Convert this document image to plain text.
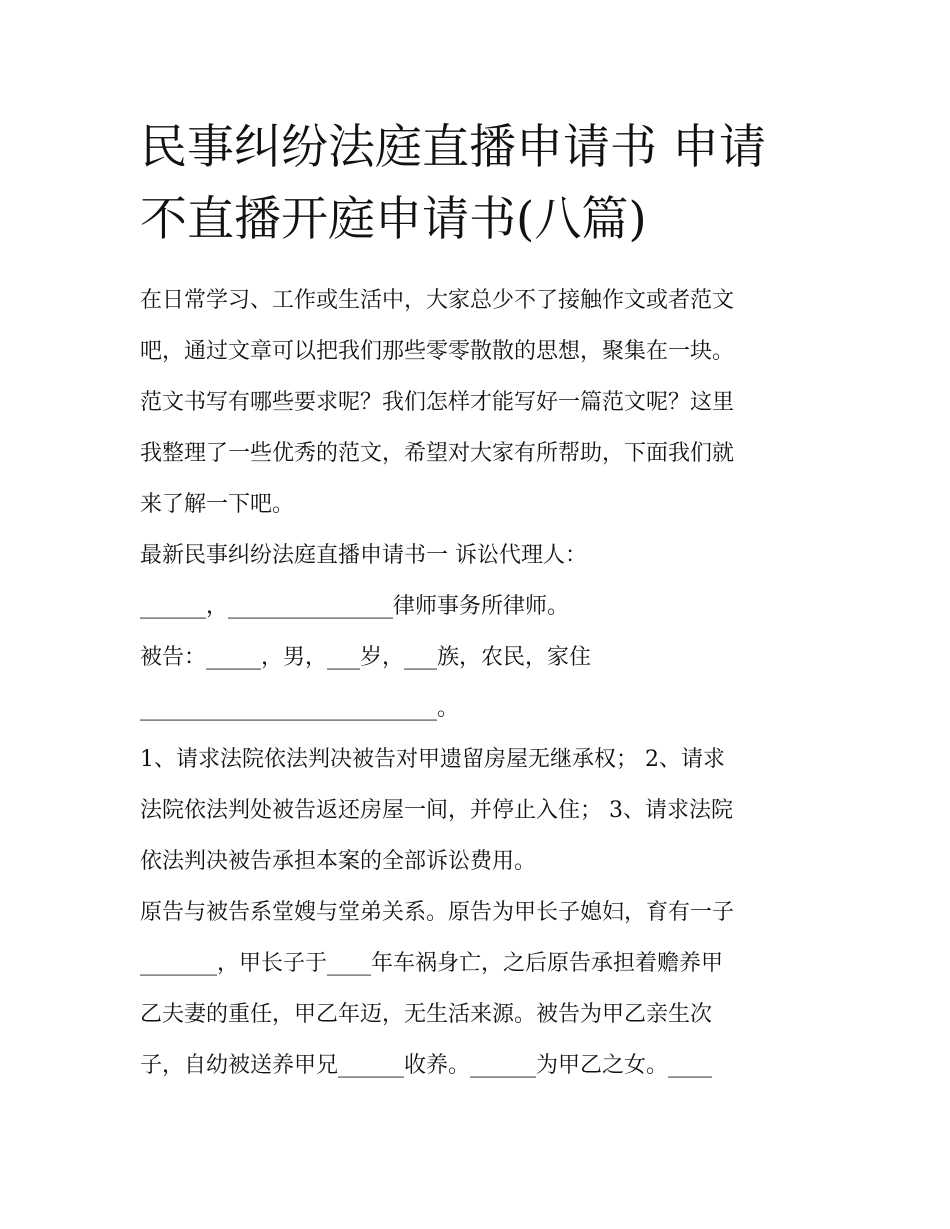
民事纠纷法庭直播申请书 申请
不直播开庭申请书(八篇)
在日常学习、工作或生活中，大家总少不了接触作文或者范文
吧，通过文章可以把我们那些零零散散的思想，聚集在一块。
范文书写有哪些要求呢？我们怎样才能写好一篇范文呢？这里
我整理了一些优秀的范文，希望对大家有所帮助，下面我们就
来了解一下吧。
最新民事纠纷法庭直播申请书一 诉讼代理人：
______，_______________律师事务所律师。
被告：_____，男，___岁，___族，农民，家住
___________________________。
1、请求法院依法判决被告对甲遗留房屋无继承权； 2、请求
法院依法判处被告返还房屋一间，并停止入住； 3、请求法院
依法判决被告承担本案的全部诉讼费用。
原告与被告系堂嫂与堂弟关系。原告为甲长子媳妇，育有一子
_______，甲长子于____年车祸身亡，之后原告承担着赡养甲
乙夫妻的重任，甲乙年迈，无生活来源。被告为甲乙亲生次
子，自幼被送养甲兄______收养。______为甲乙之女。____
